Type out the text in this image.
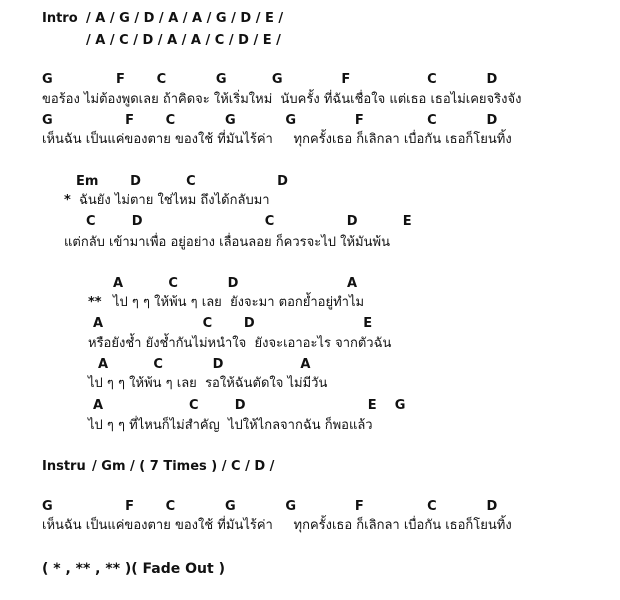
Intro / A / G / D / A / A / G / D / E /
/ A / C / D / A / A / C / D / E /
G              F       C           G          G             F                 C           D
ขอร้อง ไม่ต้องพูดเลย ถ้าคิดจะ ให้เริ่มใหม่  นับครั้ง ที่ฉันเชื่อใจ แต่เธอ เธอไม่เคยจริงจัง
G                F       C           G           G             F              C           D
เห็นฉัน เป็นแค่ของตาย ของใช้ ที่มันไร้ค่า     ทุกครั้งเธอ ก็เลิกลา เบื่อกัน เธอก็โยนทิ้ง
Em       D          C                  D
* ฉันยัง ไม่ตาย ใช่ไหม ถึงได้กลับมา
C        D                           C                D          E
แต่กลับ เข้ามาเพื่อ อยู่อย่าง เลื่อนลอย ก็ควรจะไป ให้มันพ้น
A          C           D                        A
** ไป ๆ ๆ ให้พ้น ๆ เลย  ยังจะมา ตอกย้ำอยู่ทำไม
A                      C       D                        E
หรือยังช้ำ ยังช้ำกันไม่หนำใจ  ยังจะเอาอะไร จากตัวฉัน
A          C           D                 A
ไป ๆ ๆ ให้พ้น ๆ เลย  รอให้ฉันตัดใจ ไม่มีวัน
A                   C        D                           E    G
ไป ๆ ๆ ที่ไหนก็ไม่สำคัญ  ไปให้ไกลจากฉัน ก็พอแล้ว
Instru / Gm / ( 7 Times ) / C / D /
G                F       C           G           G             F              C           D
เห็นฉัน เป็นแค่ของตาย ของใช้ ที่มันไร้ค่า     ทุกครั้งเธอ ก็เลิกลา เบื่อกัน เธอก็โยนทิ้ง
( * , ** , ** )( Fade Out )
